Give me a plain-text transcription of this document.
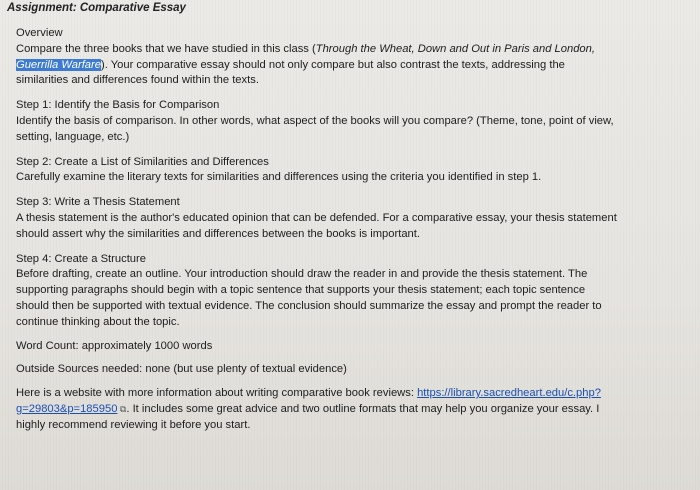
Assignment: Comparative Essay
Overview
Compare the three books that we have studied in this class (Through the Wheat, Down and Out in Paris and London, Guerrilla Warfare). Your comparative essay should not only compare but also contrast the texts, addressing the similarities and differences found within the texts.
Step 1: Identify the Basis for Comparison
Identify the basis of comparison. In other words, what aspect of the books will you compare? (Theme, tone, point of view, setting, language, etc.)
Step 2: Create a List of Similarities and Differences
Carefully examine the literary texts for similarities and differences using the criteria you identified in step 1.
Step 3: Write a Thesis Statement
A thesis statement is the author's educated opinion that can be defended. For a comparative essay, your thesis statement should assert why the similarities and differences between the books is important.
Step 4: Create a Structure
Before drafting, create an outline. Your introduction should draw the reader in and provide the thesis statement. The supporting paragraphs should begin with a topic sentence that supports your thesis statement; each topic sentence should then be supported with textual evidence. The conclusion should summarize the essay and prompt the reader to continue thinking about the topic.
Word Count: approximately 1000 words
Outside Sources needed: none (but use plenty of textual evidence)
Here is a website with more information about writing comparative book reviews: https://library.sacredheart.edu/c.php?g=29803&p=185950 ⧉. It includes some great advice and two outline formats that may help you organize your essay. I highly recommend reviewing it before you start.
